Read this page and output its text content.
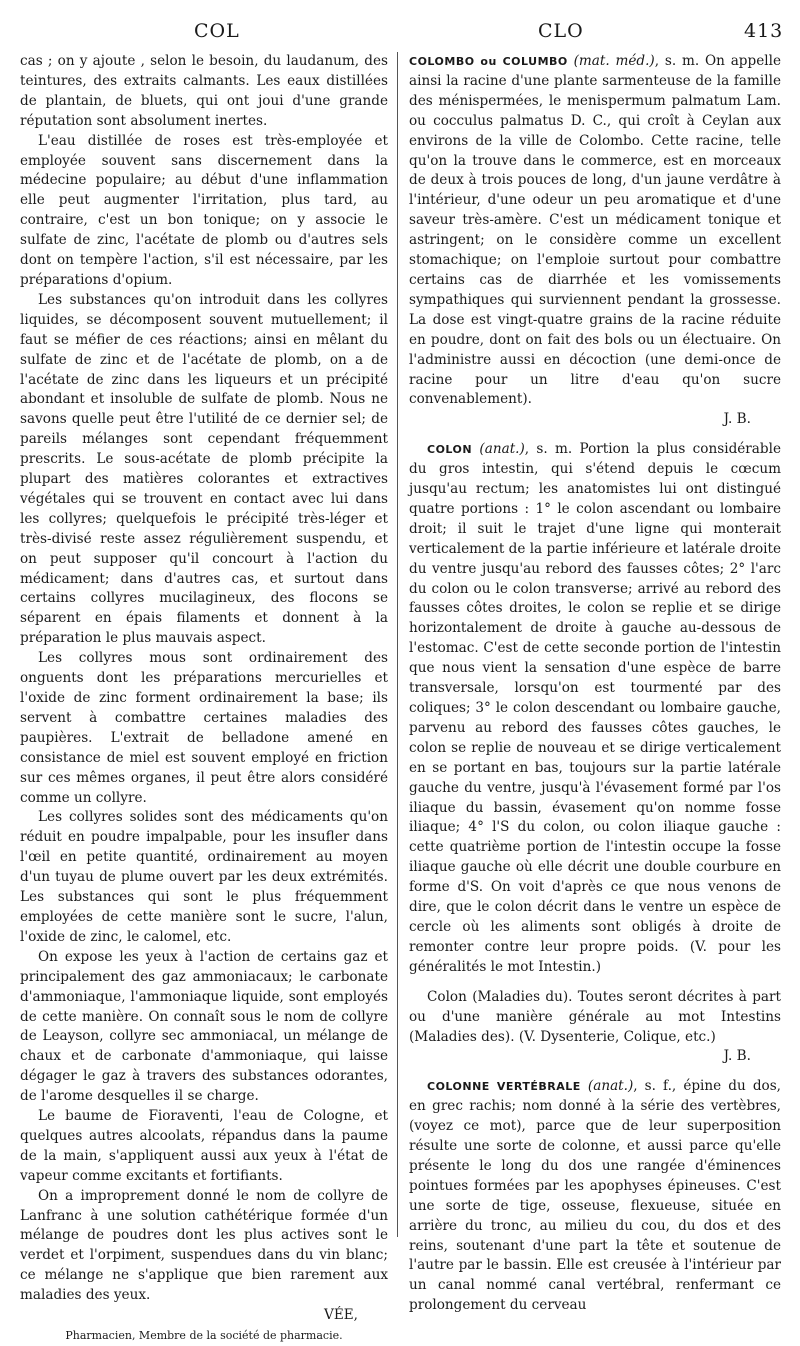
COL	CLO	413

cas ; on y ajoute , selon le besoin, du laudanum, des teintures, des extraits calmants. Les eaux distillées de plantain, de bluets, qui ont joui d'une grande réputation sont absolument inertes.

L'eau distillée de roses est très-employée et employée souvent sans discernement dans la médecine populaire; au début d'une inflammation elle peut augmenter l'irritation, plus tard, au contraire, c'est un bon tonique; on y associe le sulfate de zinc, l'acétate de plomb ou d'autres sels dont on tempère l'action, s'il est nécessaire, par les préparations d'opium.

Les substances qu'on introduit dans les collyres liquides, se décomposent souvent mutuellement; il faut se méfier de ces réactions; ainsi en mêlant du sulfate de zinc et de l'acétate de plomb, on a de l'acétate de zinc dans les liqueurs et un précipité abondant et insoluble de sulfate de plomb. Nous ne savons quelle peut être l'utilité de ce dernier sel; de pareils mélanges sont cependant fréquemment prescrits. Le sous-acétate de plomb précipite la plupart des matières colorantes et extractives végétales qui se trouvent en contact avec lui dans les collyres; quelquefois le précipité très-léger et très-divisé reste assez régulièrement suspendu, et on peut supposer qu'il concourt à l'action du médicament; dans d'autres cas, et surtout dans certains collyres mucilagineux, des flocons se séparent en épais filaments et donnent à la préparation le plus mauvais aspect.

Les collyres mous sont ordinairement des onguents dont les préparations mercurielles et l'oxide de zinc forment ordinairement la base; ils servent à combattre certaines maladies des paupières. L'extrait de belladone amené en consistance de miel est souvent employé en friction sur ces mêmes organes, il peut être alors considéré comme un collyre.

Les collyres solides sont des médicaments qu'on réduit en poudre impalpable, pour les insufler dans l'œil en petite quantité, ordinairement au moyen d'un tuyau de plume ouvert par les deux extrémités. Les substances qui sont le plus fréquemment employées de cette manière sont le sucre, l'alun, l'oxide de zinc, le calomel, etc.

On expose les yeux à l'action de certains gaz et principalement des gaz ammoniacaux; le carbonate d'ammoniaque, l'ammoniaque liquide, sont employés de cette manière. On connaît sous le nom de collyre de Leayson, collyre sec ammoniacal, un mélange de chaux et de carbonate d'ammoniaque, qui laisse dégager le gaz à travers des substances odorantes, de l'arome desquelles il se charge.

Le baume de Fioraventi, l'eau de Cologne, et quelques autres alcoolats, répandus dans la paume de la main, s'appliquent aussi aux yeux à l'état de vapeur comme excitants et fortifiants.

On a improprement donné le nom de collyre de Lanfranc à une solution cathétérique formée d'un mélange de poudres dont les plus actives sont le verdet et l'orpiment, suspendues dans du vin blanc; ce mélange ne s'applique que bien rarement aux maladies des yeux.

VÉE,

Pharmacien, Membre de la société de pharmacie.

COLOMBO ou COLUMBO (mat. méd.), s. m. On appelle ainsi la racine d'une plante sarmenteuse de la famille des ménispermées, le menispermum palmatum Lam. ou cocculus palmatus D. C., qui croît à Ceylan aux environs de la ville de Colombo. Cette racine, telle qu'on la trouve dans le commerce, est en morceaux de deux à trois pouces de long, d'un jaune verdâtre à l'intérieur, d'une odeur un peu aromatique et d'une saveur très-amère. C'est un médicament tonique et astringent; on le considère comme un excellent stomachique; on l'emploie surtout pour combattre certains cas de diarrhée et les vomissements sympathiques qui surviennent pendant la grossesse. La dose est vingt-quatre grains de la racine réduite en poudre, dont on fait des bols ou un électuaire. On l'administre aussi en décoction (une demi-once de racine pour un litre d'eau qu'on sucre convenablement).

J. B.

COLON (anat.), s. m. Portion la plus considérable du gros intestin, qui s'étend depuis le cœcum jusqu'au rectum; les anatomistes lui ont distingué quatre portions : 1° le colon ascendant ou lombaire droit; il suit le trajet d'une ligne qui monterait verticalement de la partie inférieure et latérale droite du ventre jusqu'au rebord des fausses côtes; 2° l'arc du colon ou le colon transverse; arrivé au rebord des fausses côtes droites, le colon se replie et se dirige horizontalement de droite à gauche au-dessous de l'estomac. C'est de cette seconde portion de l'intestin que nous vient la sensation d'une espèce de barre transversale, lorsqu'on est tourmenté par des coliques; 3° le colon descendant ou lombaire gauche, parvenu au rebord des fausses côtes gauches, le colon se replie de nouveau et se dirige verticalement en se portant en bas, toujours sur la partie latérale gauche du ventre, jusqu'à l'évasement formé par l'os iliaque du bassin, évasement qu'on nomme fosse iliaque; 4° l'S du colon, ou colon iliaque gauche : cette quatrième portion de l'intestin occupe la fosse iliaque gauche où elle décrit une double courbure en forme d'S. On voit d'après ce que nous venons de dire, que le colon décrit dans le ventre un espèce de cercle où les aliments sont obligés à droite de remonter contre leur propre poids. (V. pour les généralités le mot Intestin.)

Colon (Maladies du). Toutes seront décrites à part ou d'une manière générale au mot Intestins (Maladies des). (V. Dysenterie, Colique, etc.)

J. B.

COLONNE VERTÉBRALE (anat.), s. f., épine du dos, en grec rachis; nom donné à la série des vertèbres, (voyez ce mot), parce que de leur superposition résulte une sorte de colonne, et aussi parce qu'elle présente le long du dos une rangée d'éminences pointues formées par les apophyses épineuses. C'est une sorte de tige, osseuse, flexueuse, située en arrière du tronc, au milieu du cou, du dos et des reins, soutenant d'une part la tête et soutenue de l'autre par le bassin. Elle est creusée à l'intérieur par un canal nommé canal vertébral, renfermant ce prolongement du cerveau
